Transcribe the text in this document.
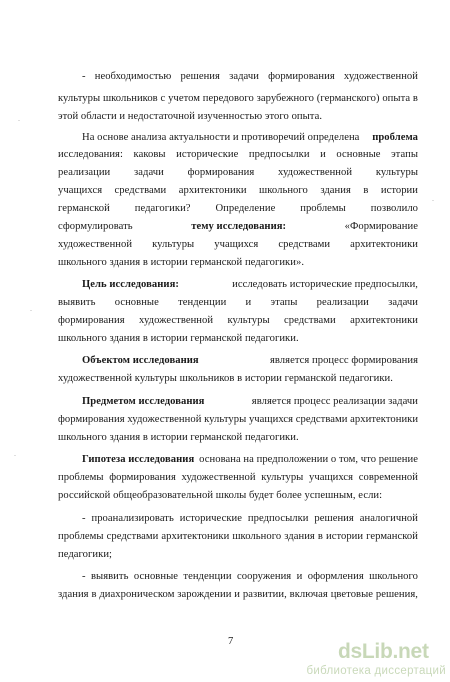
- необходимостью решения задачи формирования художественной
культуры школьников с учетом передового зарубежного (германского) опыта в
этой области и недостаточной изученностью этого опыта.
На основе анализа актуальности и противоречий определена проблема
исследования: каковы исторические предпосылки и основные этапы
реализации задачи формирования художественной культуры
учащихся средствами архитектоники школьного здания в истории
германской педагогики? Определение проблемы позволило
сформулировать	тему исследования:	«Формирование
художественной культуры учащихся средствами архитектоники
школьного здания в истории германской педагогики».
Цель исследования:	исследовать исторические предпосылки,
выявить основные тенденции и этапы реализации задачи
формирования художественной культуры средствами архитектоники
школьного здания в истории германской педагогики.
Объектом исследования	является процесс формирования
художественной культуры школьников в истории германской педагогики.
Предметом исследования	является процесс реализации задачи
формирования художественной культуры учащихся средствами архитектоники
школьного здания в истории германской педагогики.
Гипотеза исследования основана на предположении о том, что решение
проблемы формирования художественной культуры учащихся современной
российской общеобразовательной школы будет более успешным, если:
- проанализировать исторические предпосылки решения аналогичной
проблемы средствами архитектоники школьного здания в истории германской
педагогики;
- выявить основные тенденции сооружения и оформления школьного
здания в диахроническом зарождении и развитии, включая цветовые решения,
7	dsLib.net
библиотека диссертаций
